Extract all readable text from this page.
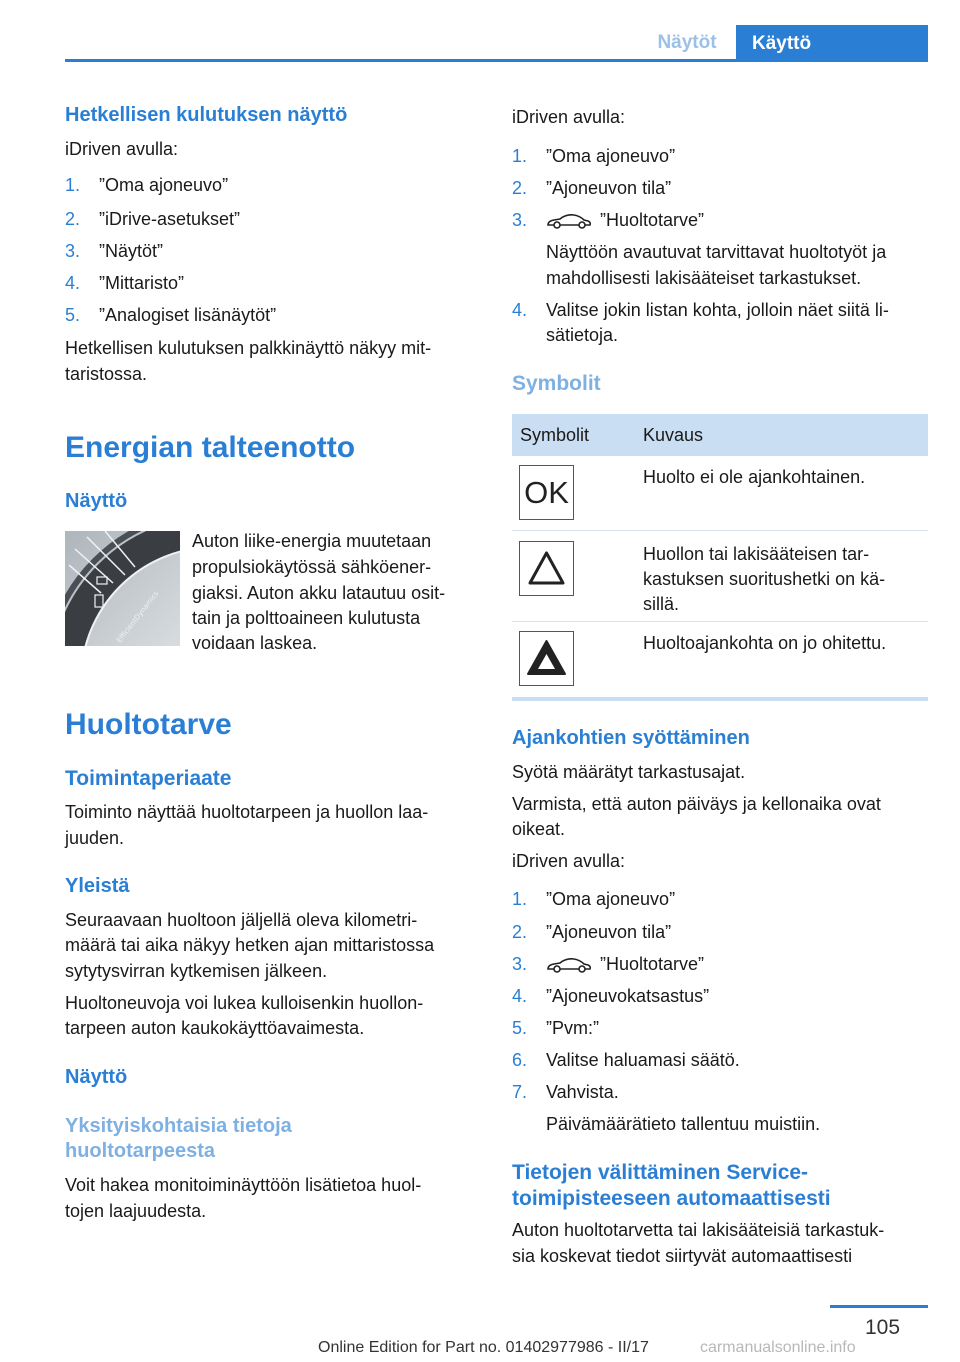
Näytöt	Käyttö
Hetkellisen kulutuksen näyttö
iDriven avulla:
1. ”Oma ajoneuvo”
2. ”iDrive-asetukset”
3. ”Näytöt”
4. ”Mittaristo”
5. ”Analogiset lisänäytöt”
Hetkellisen kulutuksen palkkinäyttö näkyy mit‐
taristossa.
Energian talteenotto
Näyttö
EfficientDynamics
Auton liike-energia muutetaan
propulsiokäytössä sähköener‐
giaksi. Auton akku latautuu osit‐
tain ja polttoaineen kulutusta
voidaan laskea.
Huoltotarve
Toimintaperiaate
Toiminto näyttää huoltotarpeen ja huollon laa‐
juuden.
Yleistä
Seuraavaan huoltoon jäljellä oleva kilometri‐
määrä tai aika näkyy hetken ajan mittaristossa
sytytysvirran kytkemisen jälkeen.
Huoltoneuvoja voi lukea kulloisenkin huollon‐
tarpeen auton kaukokäyttöavaimesta.
Näyttö
Yksityiskohtaisia tietoja
huoltotarpeesta
Voit hakea monitoiminäyttöön lisätietoa huol‐
tojen laajuudesta.
iDriven avulla:
1. ”Oma ajoneuvo”
2. ”Ajoneuvon tila”
3.	”Huoltotarve”
Näyttöön avautuvat tarvittavat huoltotyöt ja
mahdollisesti lakisääteiset tarkastukset.
4. Valitse jokin listan kohta, jolloin näet siitä li‐
sätietoja.
Symbolit
Symbolit	Kuvaus
OK	Huolto ei ole ajankohtainen.
Huollon tai lakisääteisen tar‐
kastuksen suoritushetki on kä‐
sillä.
Huoltoajankohta on jo ohitettu.
Ajankohtien syöttäminen
Syötä määrätyt tarkastusajat.
Varmista, että auton päiväys ja kellonaika ovat
oikeat.
iDriven avulla:
1. ”Oma ajoneuvo”
2. ”Ajoneuvon tila”
3.	”Huoltotarve”
4. ”Ajoneuvokatsastus”
5. ”Pvm:”
6. Valitse haluamasi säätö.
7. Vahvista.
Päivämäärätieto tallentuu muistiin.
Tietojen välittäminen Service-
toimipisteeseen automaattisesti
Auton huoltotarvetta tai lakisääteisiä tarkastuk‐
sia koskevat tiedot siirtyvät automaattisesti
105
Online Edition for Part no. 01402977986 - II/17	carmanualsonline.info
